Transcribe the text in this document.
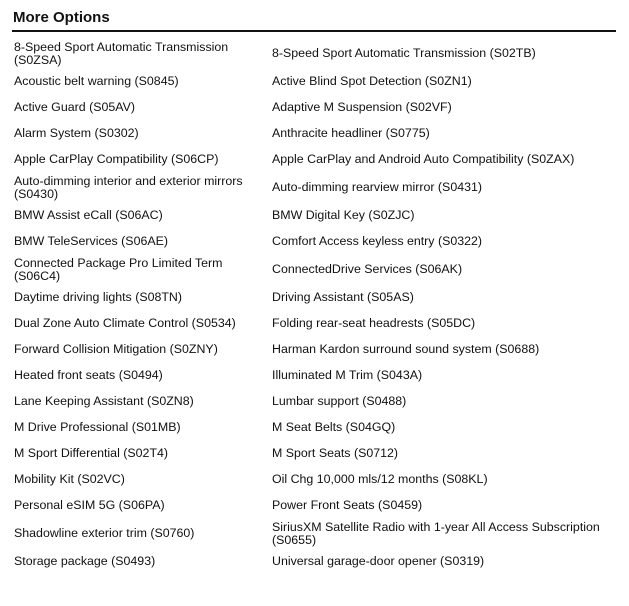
More Options
8-Speed Sport Automatic Transmission (S0ZSA)	8-Speed Sport Automatic Transmission (S02TB)
Acoustic belt warning (S0845)	Active Blind Spot Detection (S0ZN1)
Active Guard (S05AV)	Adaptive M Suspension (S02VF)
Alarm System (S0302)	Anthracite headliner (S0775)
Apple CarPlay Compatibility (S06CP)	Apple CarPlay and Android Auto Compatibility (S0ZAX)
Auto-dimming interior and exterior mirrors (S0430)	Auto-dimming rearview mirror (S0431)
BMW Assist eCall (S06AC)	BMW Digital Key (S0ZJC)
BMW TeleServices (S06AE)	Comfort Access keyless entry (S0322)
Connected Package Pro Limited Term (S06C4)	ConnectedDrive Services (S06AK)
Daytime driving lights (S08TN)	Driving Assistant (S05AS)
Dual Zone Auto Climate Control (S0534)	Folding rear-seat headrests (S05DC)
Forward Collision Mitigation (S0ZNY)	Harman Kardon surround sound system (S0688)
Heated front seats (S0494)	Illuminated M Trim (S043A)
Lane Keeping Assistant (S0ZN8)	Lumbar support (S0488)
M Drive Professional (S01MB)	M Seat Belts (S04GQ)
M Sport Differential (S02T4)	M Sport Seats (S0712)
Mobility Kit (S02VC)	Oil Chg 10,000 mls/12 months (S08KL)
Personal eSIM 5G (S06PA)	Power Front Seats (S0459)
Shadowline exterior trim (S0760)	SiriusXM Satellite Radio with 1-year All Access Subscription (S0655)
Storage package (S0493)	Universal garage-door opener (S0319)
